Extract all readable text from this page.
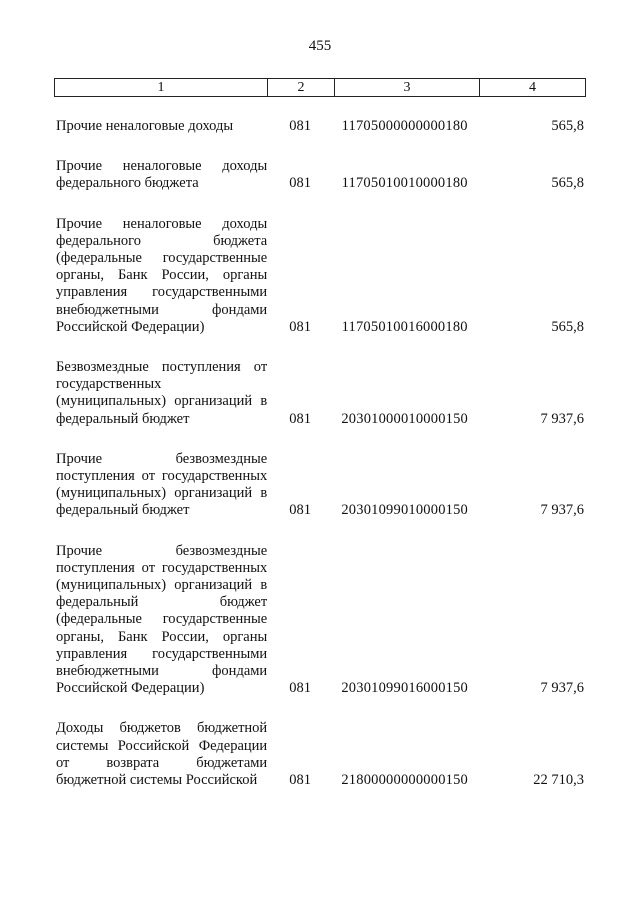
455
1	2	3	4
Прочие неналоговые доходы	081	11705000000000180	565,8
Прочие неналоговые доходы федерального бюджета	081	11705010010000180	565,8
Прочие неналоговые доходы федерального бюджета (федеральные государственные органы, Банк России, органы управления государственными внебюджетными фондами Российской Федерации)	081	11705010016000180	565,8
Безвозмездные поступления от государственных (муниципальных) организаций в федеральный бюджет	081	20301000010000150	7 937,6
Прочие безвозмездные поступления от государственных (муниципальных) организаций в федеральный бюджет	081	20301099010000150	7 937,6
Прочие безвозмездные поступления от государственных (муниципальных) организаций в федеральный бюджет (федеральные государственные органы, Банк России, органы управления государственными внебюджетными фондами Российской Федерации)	081	20301099016000150	7 937,6
Доходы бюджетов бюджетной системы Российской Федерации от возврата бюджетами бюджетной системы Российской	081	21800000000000150	22 710,3
